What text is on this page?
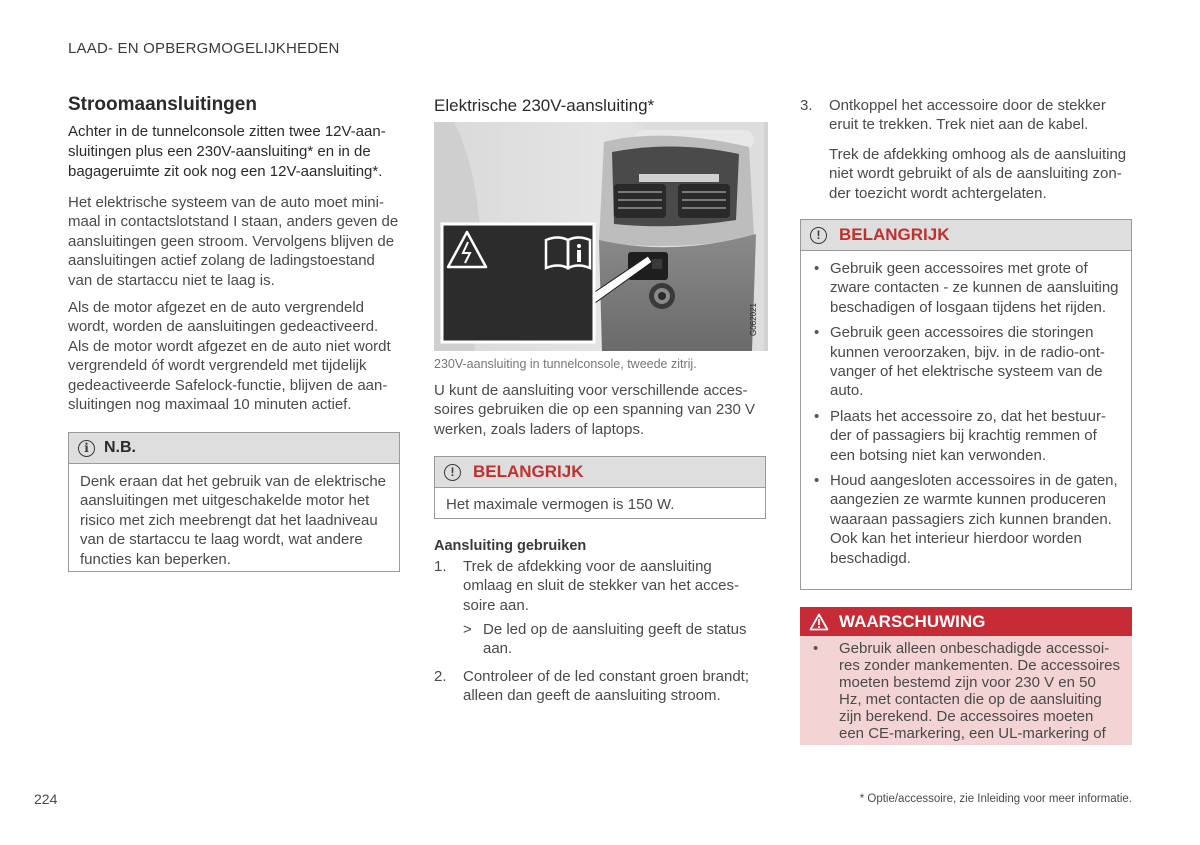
LAAD- EN OPBERGMOGELIJKHEDEN
Stroomaansluitingen

Achter in de tunnelconsole zitten twee 12V-aansluitingen plus een 230V-aansluiting* en in de bagageruimte zit ook nog een 12V-aansluiting*.

Het elektrische systeem van de auto moet minimaal in contactslotstand I staan, anders geven de aansluitingen geen stroom. Vervolgens blijven de aansluitingen actief zolang de ladingstoestand van de startaccu niet te laag is.

Als de motor afgezet en de auto vergrendeld wordt, worden de aansluitingen gedeactiveerd. Als de motor wordt afgezet en de auto niet wordt vergrendeld óf wordt vergrendeld met tijdelijk gedeactiveerde Safelock-functie, blijven de aansluitingen nog maximaal 10 minuten actief.

i N.B.
Denk eraan dat het gebruik van de elektrische aansluitingen met uitgeschakelde motor het risico met zich meebrengt dat het laadniveau van de startaccu te laag wordt, wat andere functies kan beperken.
Elektrische 230V-aansluiting*
G062021
230V-aansluiting in tunnelconsole, tweede zitrij.

U kunt de aansluiting voor verschillende accessoires gebruiken die op een spanning van 230 V werken, zoals laders of laptops.

!	BELANGRIJK
Het maximale vermogen is 150 W.
Aansluiting gebruiken
1. Trek de afdekking voor de aansluiting omlaag en sluit de stekker van het accessoire aan.
> De led op de aansluiting geeft de status aan.
2. Controleer of de led constant groen brandt; alleen dan geeft de aansluiting stroom.
3. Ontkoppel het accessoire door de stekker eruit te trekken. Trek niet aan de kabel.

Trek de afdekking omhoog als de aansluiting niet wordt gebruikt of als de aansluiting zonder toezicht wordt achtergelaten.

!	BELANGRIJK
• Gebruik geen accessoires met grote of zware contacten - ze kunnen de aansluiting beschadigen of losgaan tijdens het rijden.
• Gebruik geen accessoires die storingen kunnen veroorzaken, bijv. in de radio-ontvanger of het elektrische systeem van de auto.
• Plaats het accessoire zo, dat het bestuurder of passagiers bij krachtig remmen of een botsing niet kan verwonden.
• Houd aangesloten accessoires in de gaten, aangezien ze warmte kunnen produceren waaraan passagiers zich kunnen branden. Ook kan het interieur hierdoor worden beschadigd.
WAARSCHUWING
• Gebruik alleen onbeschadigde accessoires zonder mankementen. De accessoires moeten bestemd zijn voor 230 V en 50 Hz, met contacten die op de aansluiting zijn berekend. De accessoires moeten een CE-markering, een UL-markering of
224	* Optie/accessoire, zie Inleiding voor meer informatie.
